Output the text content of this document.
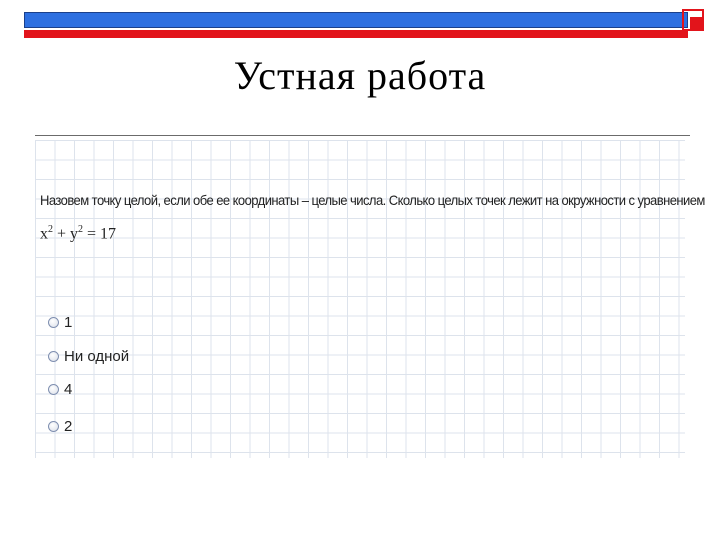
Устная работа
Назовем точку целой, если обе ее координаты – целые числа. Сколько целых точек лежит на окружности с уравнением
$x^2 + y^2 = 17$
1
Ни одной
4
2
